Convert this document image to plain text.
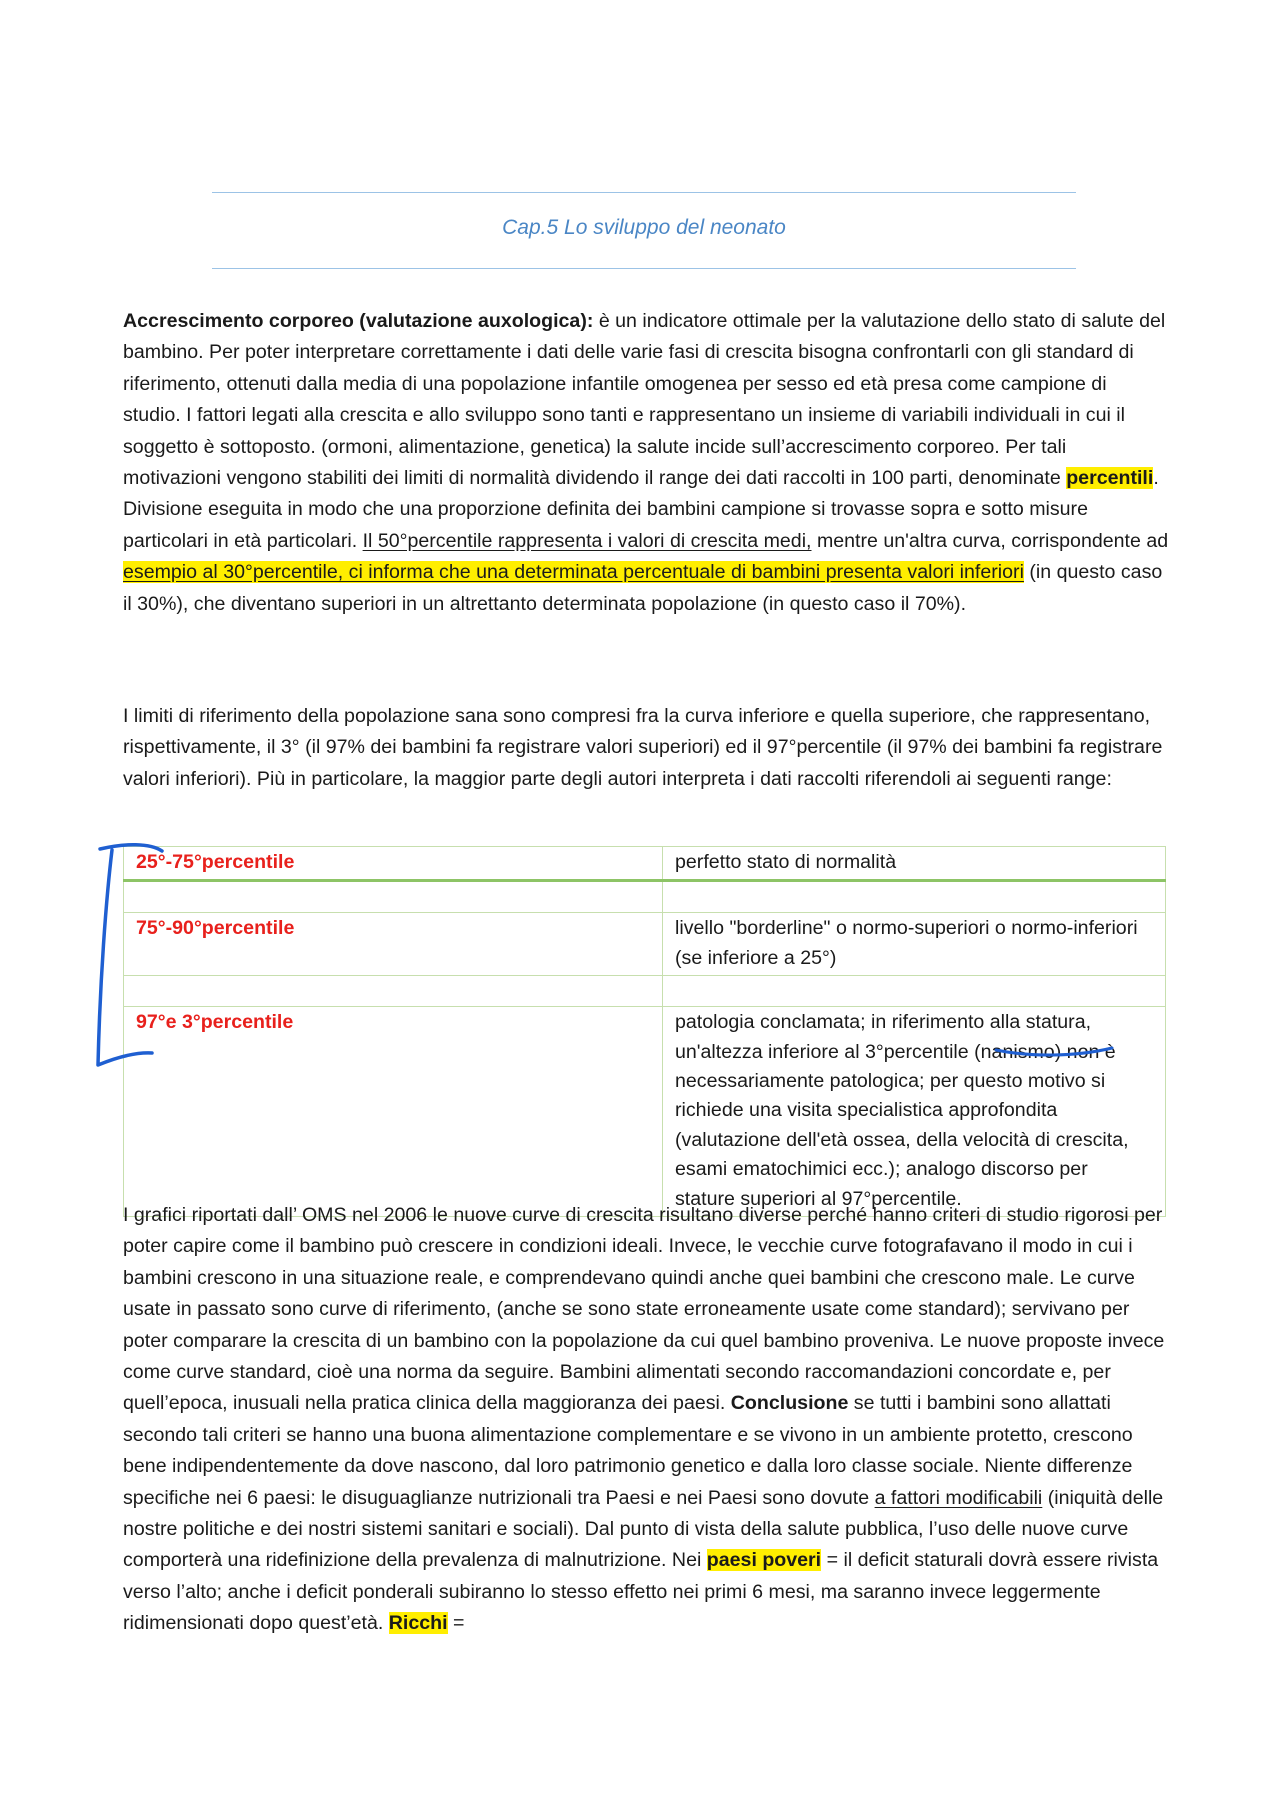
Cap.5 Lo sviluppo del neonato

Accrescimento corporeo (valutazione auxologica): è un indicatore ottimale per la valutazione dello stato di salute del bambino. Per poter interpretare correttamente i dati delle varie fasi di crescita bisogna confrontarli con gli standard di riferimento, ottenuti dalla media di una popolazione infantile omogenea per sesso ed età presa come campione di studio. I fattori legati alla crescita e allo sviluppo sono tanti e rappresentano un insieme di variabili individuali in cui il soggetto è sottoposto. (ormoni, alimentazione, genetica) la salute incide sull’accrescimento corporeo. Per tali motivazioni vengono stabiliti dei limiti di normalità dividendo il range dei dati raccolti in 100 parti, denominate percentili. Divisione eseguita in modo che una proporzione definita dei bambini campione si trovasse sopra e sotto misure particolari in età particolari. Il 50°percentile rappresenta i valori di crescita medi, mentre un'altra curva, corrispondente ad esempio al 30°percentile, ci informa che una determinata percentuale di bambini presenta valori inferiori (in questo caso il 30%), che diventano superiori in un altrettanto determinata popolazione (in questo caso il 70%).

I limiti di riferimento della popolazione sana sono compresi fra la curva inferiore e quella superiore, che rappresentano, rispettivamente, il 3° (il 97% dei bambini fa registrare valori superiori) ed il 97°percentile (il 97% dei bambini fa registrare valori inferiori). Più in particolare, la maggior parte degli autori interpreta i dati raccolti riferendoli ai seguenti range:

25°-75°percentile	perfetto stato di normalità

75°-90°percentile	livello "borderline" o normo-superiori o normo-inferiori (se inferiore a 25°)

97°e 3°percentile	patologia conclamata; in riferimento alla statura, un'altezza inferiore al 3°percentile (nanismo) non è necessariamente patologica; per questo motivo si richiede una visita specialistica approfondita (valutazione dell'età ossea, della velocità di crescita, esami ematochimici ecc.); analogo discorso per stature superiori al 97°percentile.

I grafici riportati dall’ OMS nel 2006 le nuove curve di crescita risultano diverse perché hanno criteri di studio rigorosi per poter capire come il bambino può crescere in condizioni ideali. Invece, le vecchie curve fotografavano il modo in cui i bambini crescono in una situazione reale, e comprendevano quindi anche quei bambini che crescono male. Le curve usate in passato sono curve di riferimento, (anche se sono state erroneamente usate come standard); servivano per poter comparare la crescita di un bambino con la popolazione da cui quel bambino proveniva. Le nuove proposte invece come curve standard, cioè una norma da seguire. Bambini alimentati secondo raccomandazioni concordate e, per quell’epoca, inusuali nella pratica clinica della maggioranza dei paesi. Conclusione se tutti i bambini sono allattati secondo tali criteri se hanno una buona alimentazione complementare e se vivono in un ambiente protetto, crescono bene indipendentemente da dove nascono, dal loro patrimonio genetico e dalla loro classe sociale. Niente differenze specifiche nei 6 paesi: le disuguaglianze nutrizionali tra Paesi e nei Paesi sono dovute a fattori modificabili (iniquità delle nostre politiche e dei nostri sistemi sanitari e sociali). Dal punto di vista della salute pubblica, l’uso delle nuove curve comporterà una ridefinizione della prevalenza di malnutrizione. Nei paesi poveri = il deficit staturali dovrà essere rivista verso l’alto; anche i deficit ponderali subiranno lo stesso effetto nei primi 6 mesi, ma saranno invece leggermente ridimensionati dopo quest’età. Ricchi =
